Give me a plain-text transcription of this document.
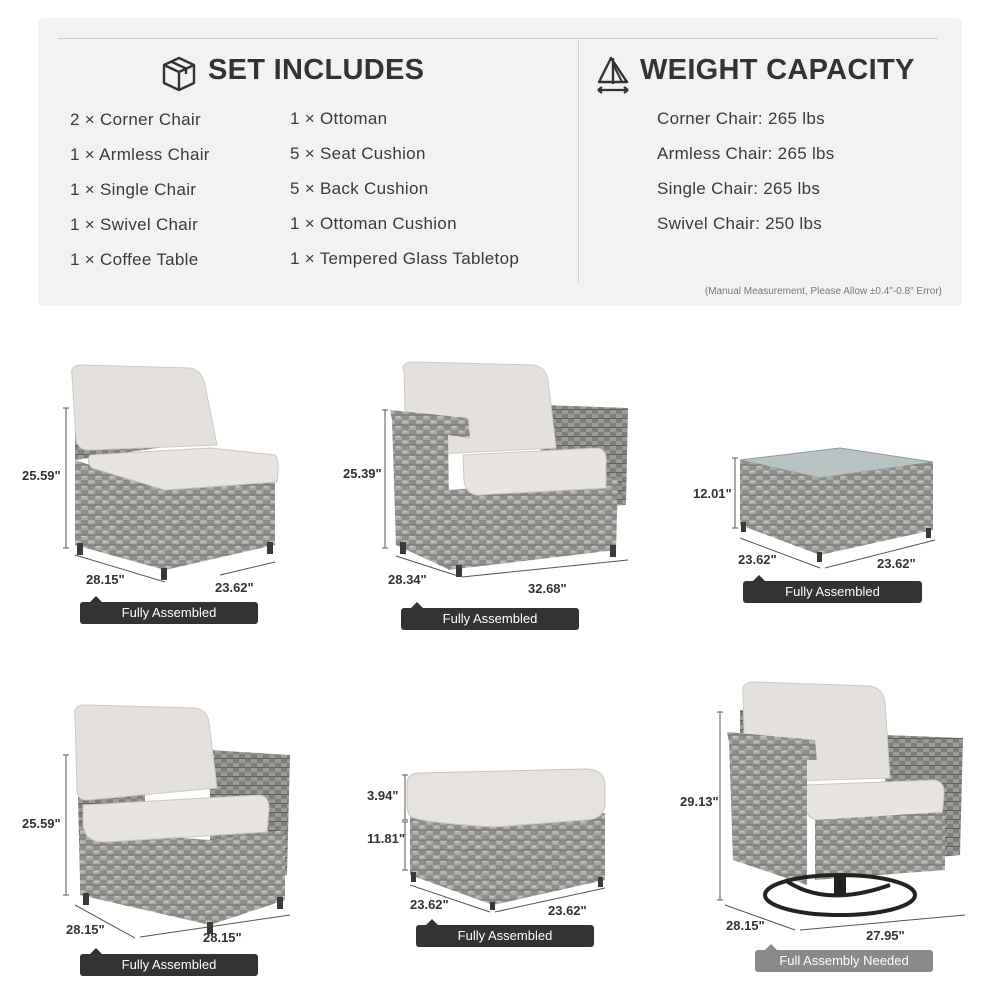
SET INCLUDES
2 × Corner Chair
1 × Armless Chair
1 × Single Chair
1 × Swivel Chair
1 × Coffee Table
1 × Ottoman
5 × Seat Cushion
5 × Back Cushion
1 × Ottoman Cushion
1 × Tempered Glass Tabletop
WEIGHT CAPACITY
Corner Chair: 265 lbs
Armless Chair: 265 lbs
Single Chair: 265 lbs
Swivel Chair: 250 lbs
(Manual Measurement, Please Allow ±0.4"-0.8" Error)
25.59"
28.15"
23.62"
Fully Assembled
25.39"
28.34"
32.68"
Fully Assembled
12.01"
23.62"	23.62"
Fully Assembled
25.59"
28.15"
28.15"
Fully Assembled
3.94"
11.81"
23.62"	23.62"
Fully Assembled
29.13"
28.15"
27.95"
Full Assembly Needed
